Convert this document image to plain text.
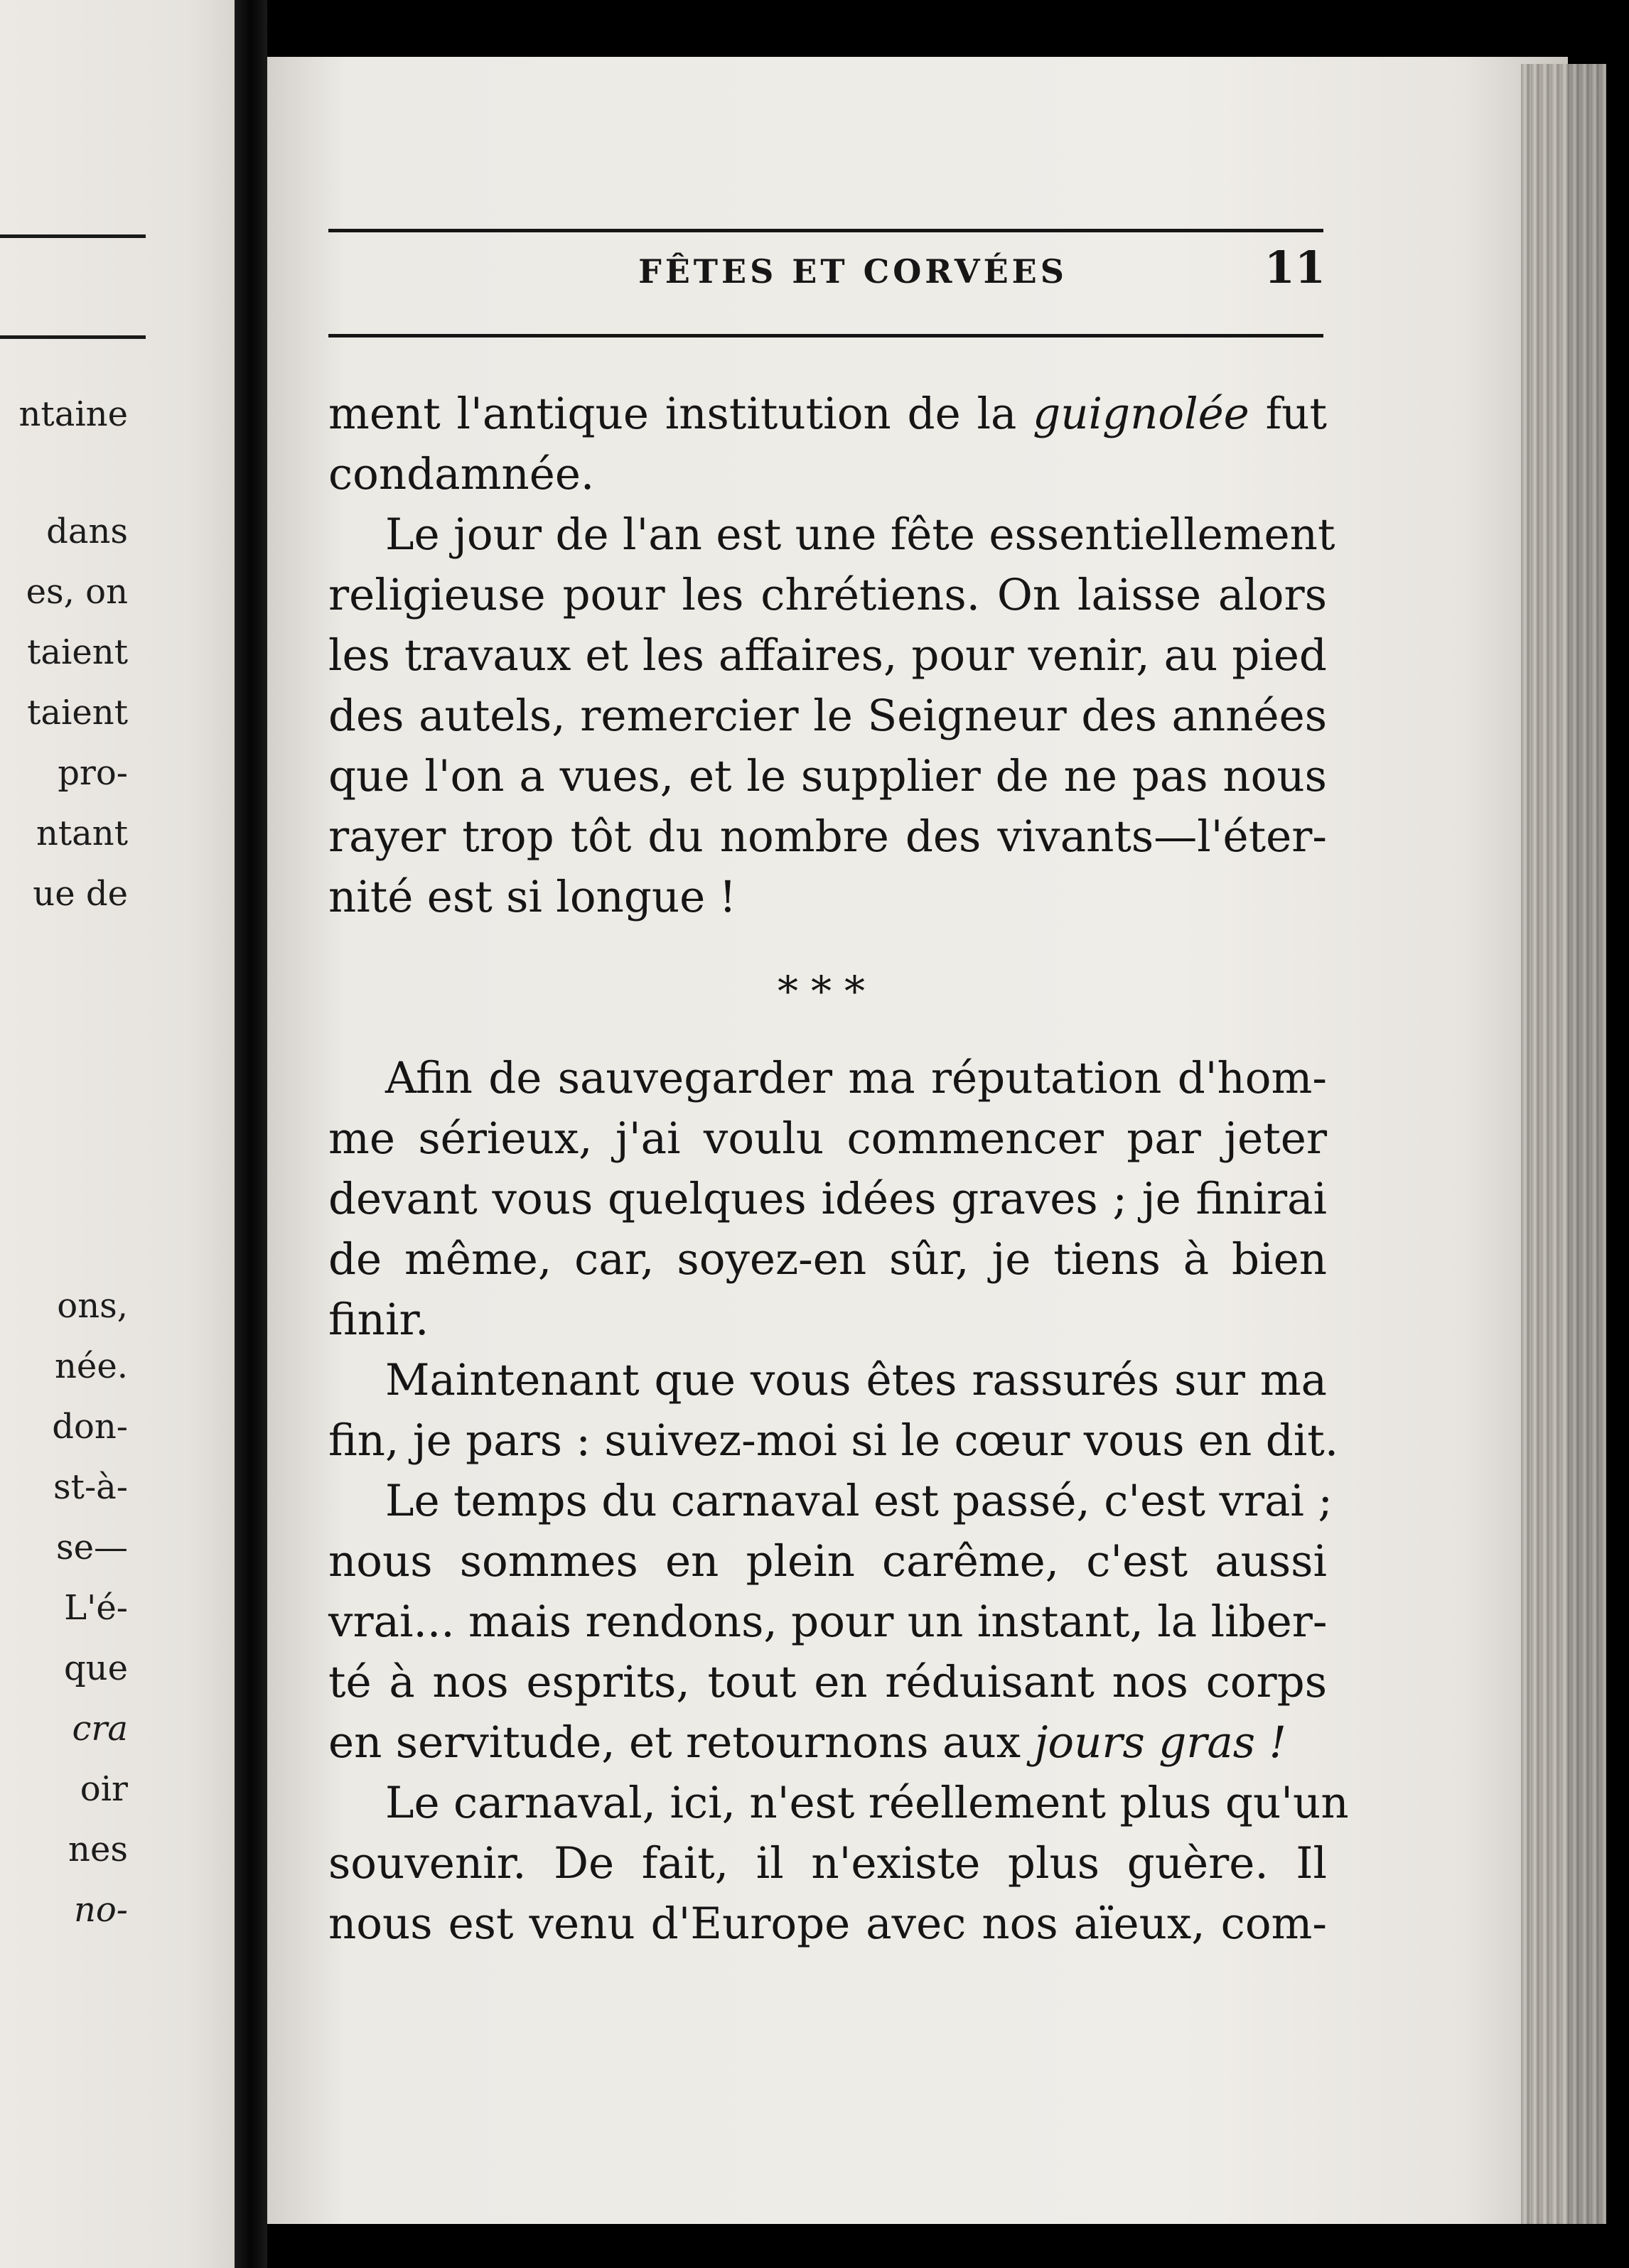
ntaine
dans
es, on
taient
taient
pro-
ntant
ue de
ons,
née.
don-
st-à-
se—
L'é-
que
cra
oir
nes
no-
FÊTES ET CORVÉES	11
ment l'antique institution de la guignolée fut
condamnée.
Le jour de l'an est une fête essentiellement
religieuse pour les chrétiens. On laisse alors
les travaux et les affaires, pour venir, au pied
des autels, remercier le Seigneur des années
que l'on a vues, et le supplier de ne pas nous
rayer trop tôt du nombre des vivants—l'éter-
nité est si longue !
***
Afin de sauvegarder ma réputation d'hom-
me sérieux, j'ai voulu commencer par jeter
devant vous quelques idées graves ; je finirai
de même, car, soyez-en sûr, je tiens à bien
finir.
Maintenant que vous êtes rassurés sur ma
fin, je pars : suivez-moi si le cœur vous en dit.
Le temps du carnaval est passé, c'est vrai ;
nous sommes en plein carême, c'est aussi
vrai... mais rendons, pour un instant, la liber-
té à nos esprits, tout en réduisant nos corps
en servitude, et retournons aux jours gras !
Le carnaval, ici, n'est réellement plus qu'un
souvenir. De fait, il n'existe plus guère. Il
nous est venu d'Europe avec nos aïeux, com-
